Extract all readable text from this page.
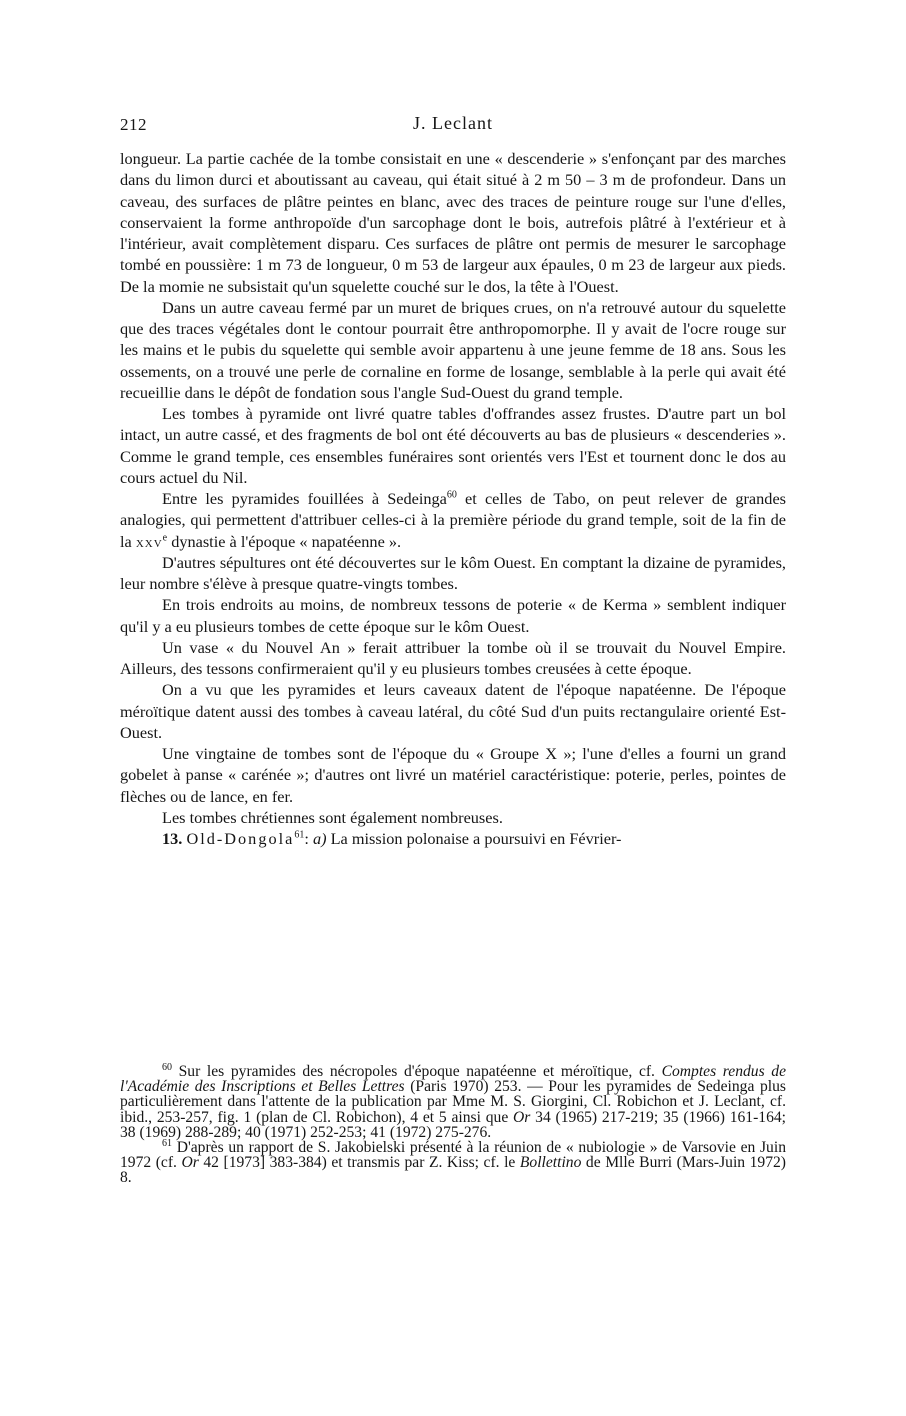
212	J. Leclant

longueur. La partie cachée de la tombe consistait en une « descenderie » s'enfonçant par des marches dans du limon durci et aboutissant au caveau, qui était situé à 2 m 50 – 3 m de profondeur. Dans un caveau, des surfaces de plâtre peintes en blanc, avec des traces de peinture rouge sur l'une d'elles, conservaient la forme anthropoïde d'un sarcophage dont le bois, autrefois plâtré à l'extérieur et à l'intérieur, avait complètement disparu. Ces surfaces de plâtre ont permis de mesurer le sarcophage tombé en poussière: 1 m 73 de longueur, 0 m 53 de largeur aux épaules, 0 m 23 de largeur aux pieds. De la momie ne subsistait qu'un squelette couché sur le dos, la tête à l'Ouest.

Dans un autre caveau fermé par un muret de briques crues, on n'a retrouvé autour du squelette que des traces végétales dont le contour pourrait être anthropomorphe. Il y avait de l'ocre rouge sur les mains et le pubis du squelette qui semble avoir appartenu à une jeune femme de 18 ans. Sous les ossements, on a trouvé une perle de cornaline en forme de losange, semblable à la perle qui avait été recueillie dans le dépôt de fondation sous l'angle Sud-Ouest du grand temple.

Les tombes à pyramide ont livré quatre tables d'offrandes assez frustes. D'autre part un bol intact, un autre cassé, et des fragments de bol ont été découverts au bas de plusieurs « descenderies ». Comme le grand temple, ces ensembles funéraires sont orientés vers l'Est et tournent donc le dos au cours actuel du Nil.

Entre les pyramides fouillées à Sedeinga$^{60}$ et celles de Tabo, on peut relever de grandes analogies, qui permettent d'attribuer celles-ci à la première période du grand temple, soit de la fin de la xxv$^e$ dynastie à l'époque « napatéenne ».

D'autres sépultures ont été découvertes sur le kôm Ouest. En comptant la dizaine de pyramides, leur nombre s'élève à presque quatre-vingts tombes.

En trois endroits au moins, de nombreux tessons de poterie « de Kerma » semblent indiquer qu'il y a eu plusieurs tombes de cette époque sur le kôm Ouest.

Un vase « du Nouvel An » ferait attribuer la tombe où il se trouvait du Nouvel Empire. Ailleurs, des tessons confirmeraient qu'il y eu plusieurs tombes creusées à cette époque.

On a vu que les pyramides et leurs caveaux datent de l'époque napatéenne. De l'époque méroïtique datent aussi des tombes à caveau latéral, du côté Sud d'un puits rectangulaire orienté Est-Ouest.

Une vingtaine de tombes sont de l'époque du « Groupe X »; l'une d'elles a fourni un grand gobelet à panse « carénée »; d'autres ont livré un matériel caractéristique: poterie, perles, pointes de flèches ou de lance, en fer.

Les tombes chrétiennes sont également nombreuses.

13. Old-Dongola$^{61}$: a) La mission polonaise a poursuivi en Février-

$^{60}$ Sur les pyramides des nécropoles d'époque napatéenne et méroïtique, cf. Comptes rendus de l'Académie des Inscriptions et Belles Lettres (Paris 1970) 253. — Pour les pyramides de Sedeinga plus particulièrement dans l'attente de la publication par Mme M. S. Giorgini, Cl. Robichon et J. Leclant, cf. ibid., 253-257, fig. 1 (plan de Cl. Robichon), 4 et 5 ainsi que Or 34 (1965) 217-219; 35 (1966) 161-164; 38 (1969) 288-289; 40 (1971) 252-253; 41 (1972) 275-276.

$^{61}$ D'après un rapport de S. Jakobielski présenté à la réunion de « nubiologie » de Varsovie en Juin 1972 (cf. Or 42 [1973] 383-384) et transmis par Z. Kiss; cf. le Bollettino de Mlle Burri (Mars-Juin 1972) 8.
